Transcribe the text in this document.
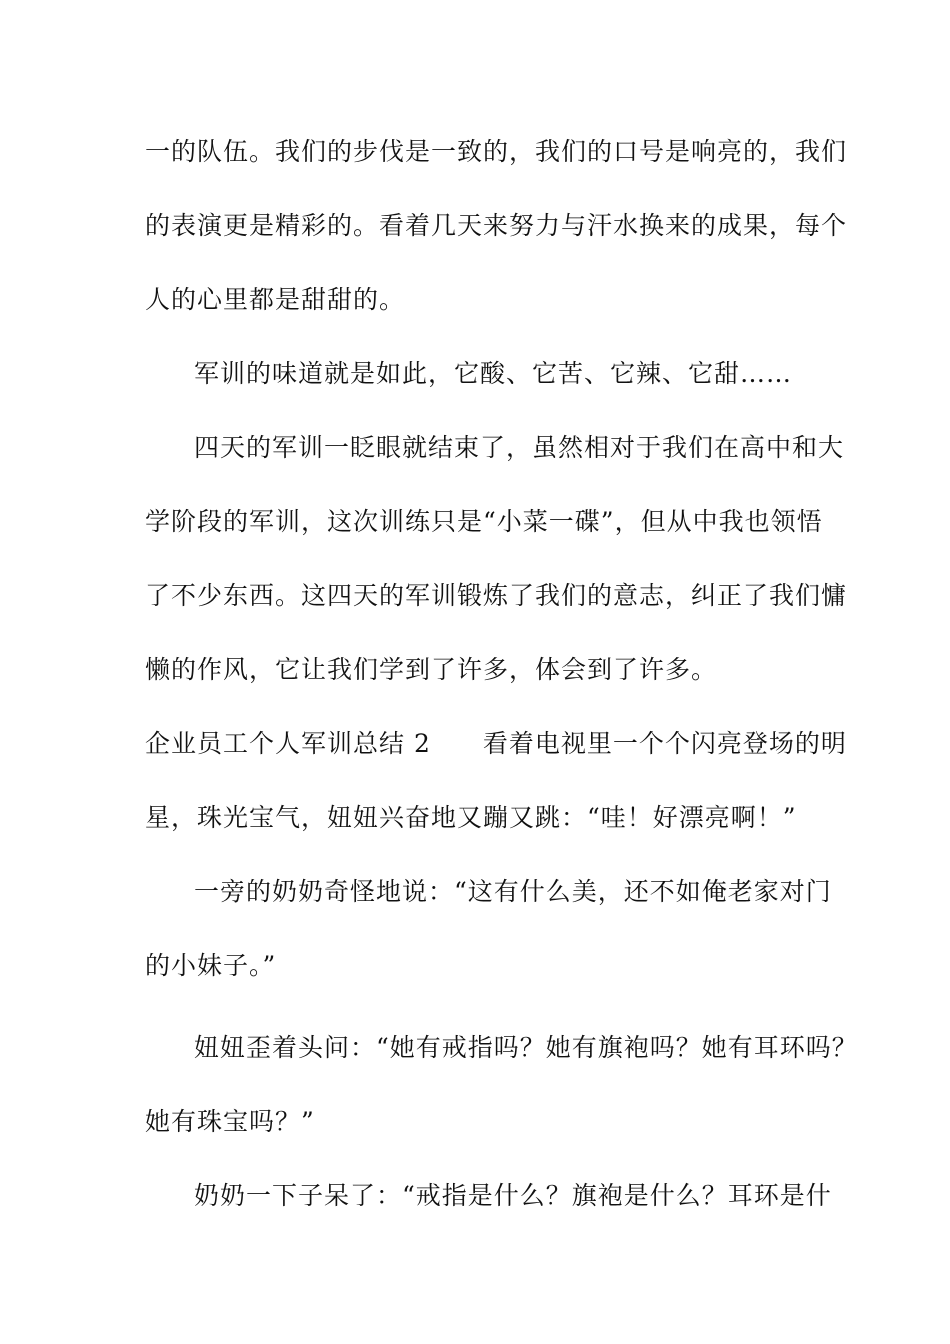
一的队伍。我们的步伐是一致的，我们的口号是响亮的，我们
的表演更是精彩的。看着几天来努力与汗水换来的成果，每个
人的心里都是甜甜的。
军训的味道就是如此，它酸、它苦、它辣、它甜……
四天的军训一眨眼就结束了，虽然相对于我们在高中和大
学阶段的军训，这次训练只是“小菜一碟”，但从中我也领悟
了不少东西。这四天的军训锻炼了我们的意志，纠正了我们慵
懒的作风，它让我们学到了许多，体会到了许多。
企业员工个人军训总结 2　　看着电视里一个个闪亮登场的明
星，珠光宝气，妞妞兴奋地又蹦又跳：“哇！好漂亮啊！”
一旁的奶奶奇怪地说：“这有什么美，还不如俺老家对门
的小妹子。”
妞妞歪着头问：“她有戒指吗？她有旗袍吗？她有耳环吗？
她有珠宝吗？”
奶奶一下子呆了：“戒指是什么？旗袍是什么？耳环是什
